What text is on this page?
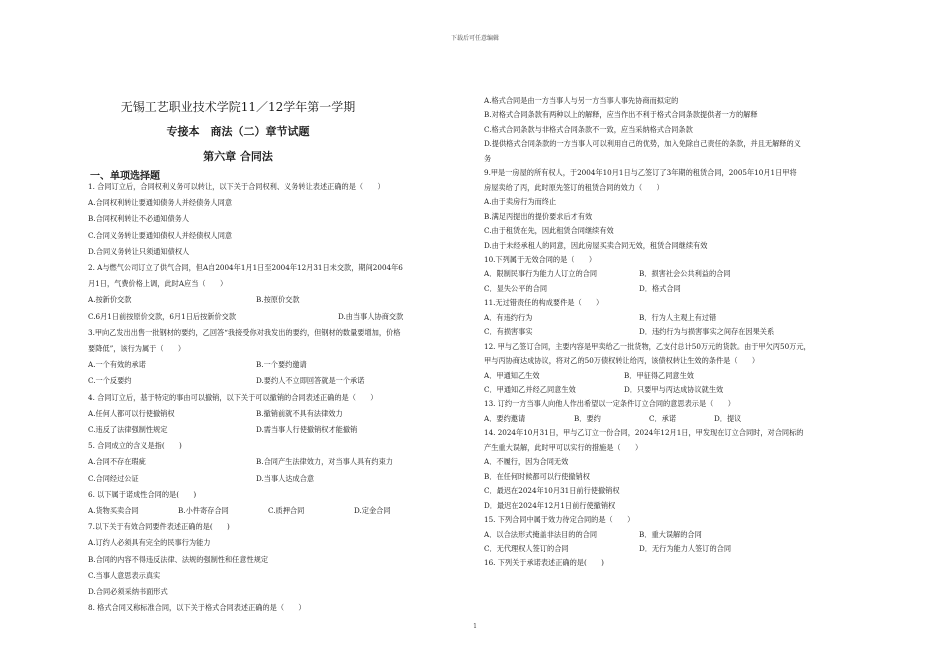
下载后可任意编辑
无锡工艺职业技术学院11／12学年第一学期
专接本　商法（二）章节试题
第六章 合同法
一、单项选择题
1. 合同订立后，合同权利义务可以转让，以下关于合同权利、义务转让表述正确的是（　　）
A.合同权利转让要通知债务人并经债务人同意
B.合同权利转让不必通知债务人
C.合同义务转让要通知债权人并经债权人同意
D.合同义务转让只须通知债权人
2. A与燃气公司订立了供气合同，但A自2004年1月1日至2004年12月31日未交款，期间2004年6
月1日，气费价格上调，此时A应当（　　）
A.按新价交款	B.按原价交款
C.6月1日前按原价交款，6月1日后按新价交款	D.由当事人协商交款
3.甲向乙发出出售一批钢材的要约，乙回答“我接受你对我发出的要约，但钢材的数量要增加，价格
要降低”，该行为属于（　　）
A.一个有效的承诺	B.一个要约邀请
C.一个反要约	D.要约人不立即回答就是一个承诺
4. 合同订立后，基于特定的事由可以撤销，以下关于可以撤销的合同表述正确的是（　　）
A.任何人都可以行使撤销权	B.撤销前就不具有法律效力
C.违反了法律强制性规定	D.需当事人行使撤销权才能撤销
5. 合同成立的含义是指(　　)
A.合同不存在瑕疵	B.合同产生法律效力，对当事人具有约束力
C.合同经过公证	D.当事人达成合意
6. 以下属于诺成性合同的是(　　)
A.货物买卖合同	B.小件寄存合同	C.质押合同	D.定金合同
7.以下关于有效合同要件表述正确的是(　　)
A.订约人必须具有完全的民事行为能力
B.合同的内容不得违反法律、法规的强制性和任意性规定
C.当事人意思表示真实
D.合同必须采纳书面形式
8. 格式合同又称标准合同，以下关于格式合同表述正确的是（　　）
A.格式合同是由一方当事人与另一方当事人事先协商而拟定的
B.对格式合同条款有两种以上的解释，应当作出不利于格式合同条款提供者一方的解释
C.格式合同条款与非格式合同条款不一致，应当采纳格式合同条款
D.提供格式合同条款的一方当事人可以利用自己的优势，加入免除自己责任的条款，并且无解释的义
务
9.甲是一房屋的所有权人，于2004年10月1日与乙签订了3年期的租赁合同，2005年10月1日甲将
房屋卖给了丙，此时原先签订的租赁合同的效力（　　）
A.由于卖房行为而终止
B.满足丙提出的提价要求后才有效
C.由于租赁在先，因此租赁合同继续有效
D.由于未经承租人的同意，因此房屋买卖合同无效，租赁合同继续有效
10.下列属于无效合同的是（　　）
A．限制民事行为能力人订立的合同	B．损害社会公共利益的合同
C．显失公平的合同	D．格式合同
11.无过错责任的构成要件是（　　）
A．有违约行为	B．行为人主观上有过错
C．有损害事实	D．违约行为与损害事实之间存在因果关系
12. 甲与乙签订合同，主要内容是甲卖给乙一批货物，乙支付总计50万元的货款。由于甲欠丙50万元，
甲与丙协商达成协议，将对乙的50万债权转让给丙，该债权转让生效的条件是（　　）
A．甲通知乙生效	B．甲征得乙同意生效
C．甲通知乙并经乙同意生效	D．只要甲与丙达成协议就生效
13. 订约一方当事人向他人作出希望以一定条件订立合同的意思表示是（　　）
A．要约邀请	B．要约	C．承诺	D．提议
14. 2024年10月31日，甲与乙订立一份合同，2024年12月1日，甲发现在订立合同时，对合同标的
产生重大误解，此时甲可以实行的措施是（　　）
A．不履行，因为合同无效
B．在任何时候都可以行使撤销权
C．最迟在2024年10月31日前行使撤销权
D．最迟在2024年12月1日前行使撤销权
15. 下列合同中属于效力待定合同的是（　　）
A．以合法形式掩盖非法目的的合同	B．重大误解的合同
C．无代理权人签订的合同	D．无行为能力人签订的合同
16. 下列关于承诺表述正确的是(　　)
1
